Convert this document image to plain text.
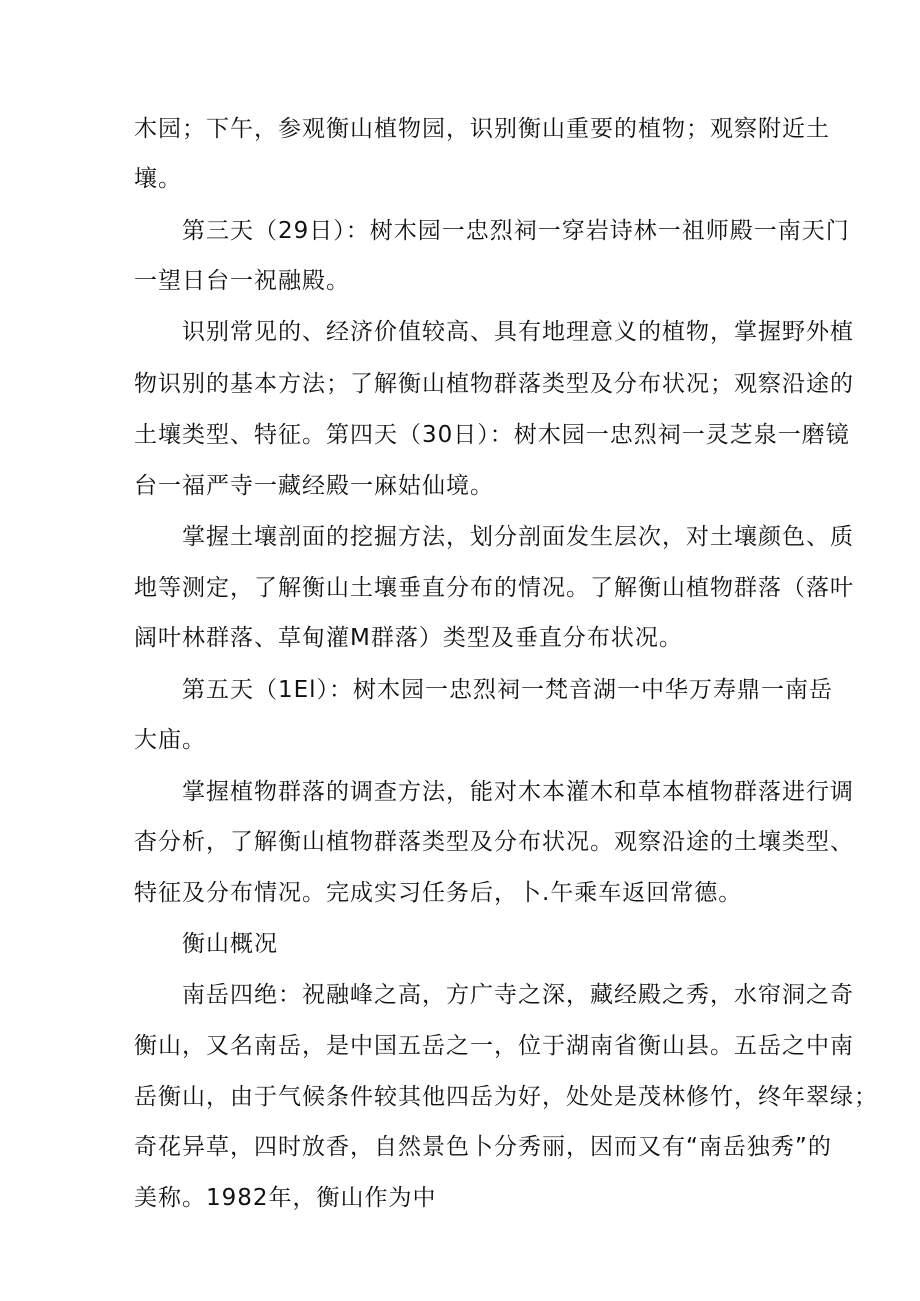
木园；下午，参观衡山植物园，识别衡山重要的植物；观察附近土
壤。
第三天（29日）：树木园一忠烈祠一穿岩诗林一祖师殿一南天门
一望日台一祝融殿。
识别常见的、经济价值较高、具有地理意义的植物，掌握野外植
物识别的基本方法；了解衡山植物群落类型及分布状况；观察沿途的
土壤类型、特征。第四天（30日）：树木园一忠烈祠一灵芝泉一磨镜
台一福严寺一藏经殿一麻姑仙境。
掌握土壤剖面的挖掘方法，划分剖面发生层次，对土壤颜色、质
地等测定，了解衡山土壤垂直分布的情况。了解衡山植物群落（落叶
阔叶林群落、草甸灌M群落）类型及垂直分布状况。
第五天（1El）：树木园一忠烈祠一梵音湖一中华万寿鼎一南岳
大庙。
掌握植物群落的调查方法，能对木本灌木和草本植物群落进行调
杳分析，了解衡山植物群落类型及分布状况。观察沿途的土壤类型、
特征及分布情况。完成实习任务后，卜.午乘车返回常德。
衡山概况
南岳四绝：祝融峰之高，方广寺之深，藏经殿之秀，水帘洞之奇
衡山，又名南岳，是中国五岳之一，位于湖南省衡山县。五岳之中南
岳衡山，由于气候条件较其他四岳为好，处处是茂林修竹，终年翠绿；
奇花异草，四时放香，自然景色卜分秀丽，因而又有“南岳独秀”的
美称。1982年，衡山作为中
